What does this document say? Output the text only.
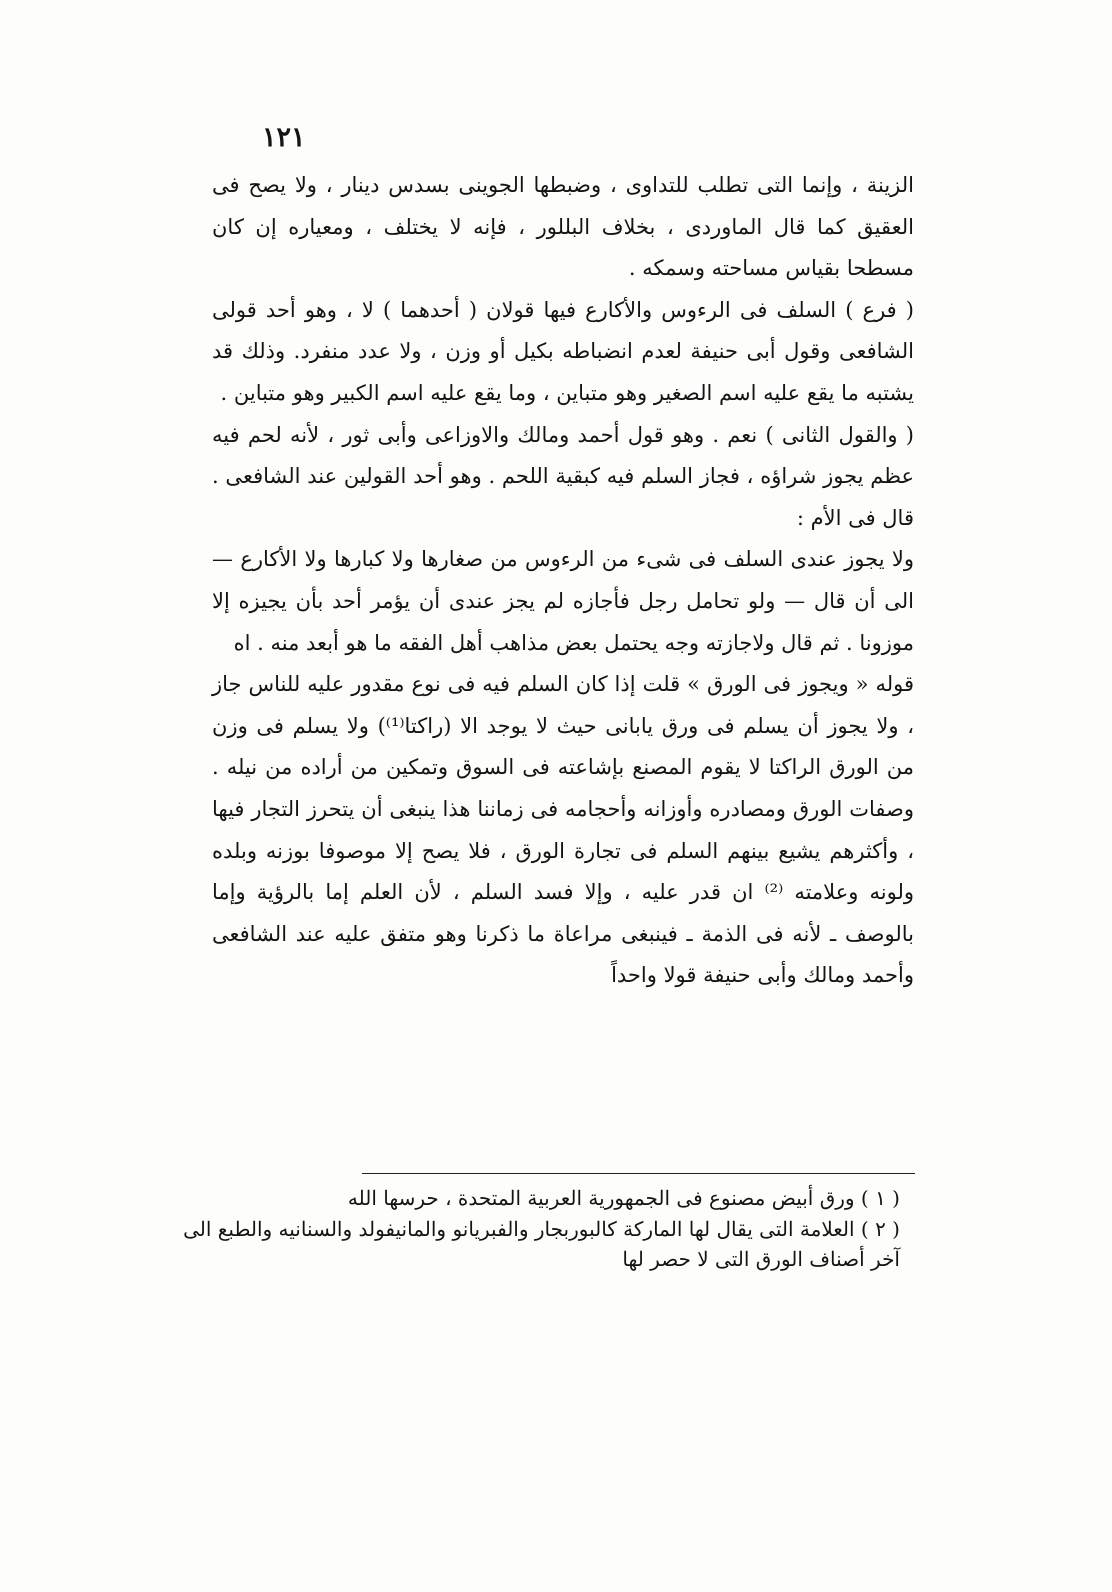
١٢١

الزينة ، وإنما التى تطلب للتداوى ، وضبطها الجوينى بسدس دينار ، ولا يصح فى العقيق كما قال الماوردى ، بخلاف البللور ، فإنه لا يختلف ، ومعياره إن كان مسطحا بقياس مساحته وسمكه .

( فرع ) السلف فى الرءوس والأكارع فيها قولان ( أحدهما ) لا ، وهو أحد قولى الشافعى وقول أبى حنيفة لعدم انضباطه بكيل أو وزن ، ولا عدد منفرد. وذلك قد يشتبه ما يقع عليه اسم الصغير وهو متباين ، وما يقع عليه اسم الكبير وهو متباين .

( والقول الثانى ) نعم . وهو قول أحمد ومالك والاوزاعى وأبى ثور ، لأنه لحم فيه عظم يجوز شراؤه ، فجاز السلم فيه كبقية اللحم . وهو أحد القولين عند الشافعى . قال فى الأم :

ولا يجوز عندى السلف فى شىء من الرءوس من صغارها ولا كبارها ولا الأكارع — الى أن قال — ولو تحامل رجل فأجازه لم يجز عندى أن يؤمر أحد بأن يجيزه إلا موزونا . ثم قال ولاجازته وجه يحتمل بعض مذاهب أهل الفقه ما هو أبعد منه . اه

قوله « ويجوز فى الورق » قلت إذا كان السلم فيه فى نوع مقدور عليه للناس جاز ، ولا يجوز أن يسلم فى ورق يابانى حيث لا يوجد الا (راكتا⁽¹⁾) ولا يسلم فى وزن من الورق الراكتا لا يقوم المصنع بإشاعته فى السوق وتمكين من أراده من نيله . وصفات الورق ومصادره وأوزانه وأحجامه فى زماننا هذا ينبغى أن يتحرز التجار فيها ، وأكثرهم يشيع بينهم السلم فى تجارة الورق ، فلا يصح إلا موصوفا بوزنه وبلده ولونه وعلامته ⁽²⁾ ان قدر عليه ، وإلا فسد السلم ، لأن العلم إما بالرؤية وإما بالوصف ـ لأنه فى الذمة ـ فينبغى مراعاة ما ذكرنا وهو متفق عليه عند الشافعى وأحمد ومالك وأبى حنيفة قولا واحداً

( ١ ) ورق أبيض مصنوع فى الجمهورية العربية المتحدة ، حرسها الله

( ٢ ) العلامة التى يقال لها الماركة كالبوربجار والفبريانو والمانيفولد والسنانيه والطبع الى آخر أصناف الورق التى لا حصر لها
